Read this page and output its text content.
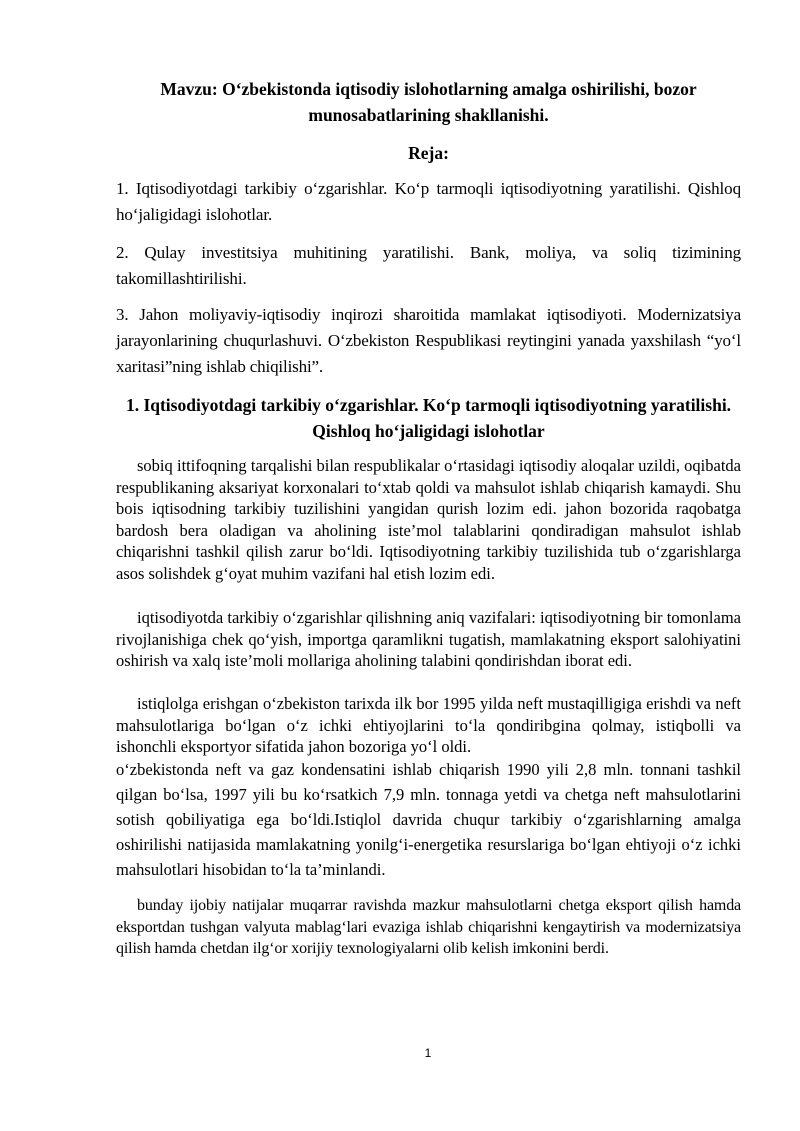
Mavzu: O‘zbekistonda iqtisodiy islohotlarning amalga oshirilishi, bozor munosabatlarining shakllanishi.
Reja:
1. Iqtisodiyotdagi tarkibiy o‘zgarishlar. Ko‘p tarmoqli iqtisodiyotning yaratilishi. Qishloq ho‘jaligidagi islohotlar.
2. Qulay investitsiya muhitining yaratilishi. Bank, moliya, va soliq tizimining takomillashtirilishi.
3. Jahon moliyaviy-iqtisodiy inqirozi sharoitida mamlakat iqtisodiyoti. Modernizatsiya jarayonlarining chuqurlashuvi. O‘zbekiston Respublikasi reytingini yanada yaxshilash “yo‘l xaritasi”ning ishlab chiqilishi”.
1. Iqtisodiyotdagi tarkibiy o‘zgarishlar. Ko‘p tarmoqli iqtisodiyotning yaratilishi. Qishloq ho‘jaligidagi islohotlar
sobiq ittifoqning tarqalishi bilan respublikalar o‘rtasidagi iqtisodiy aloqalar uzildi, oqibatda respublikaning aksariyat korxonalari to‘xtab qoldi va mahsulot ishlab chiqarish kamaydi. Shu bois iqtisodning tarkibiy tuzilishini yangidan qurish lozim edi. jahon bozorida raqobatga bardosh bera oladigan va aholining iste’mol talablarini qondiradigan mahsulot ishlab chiqarishni tashkil qilish zarur bo‘ldi. Iqtisodiyotning tarkibiy tuzilishida tub o‘zgarishlarga asos solishdek g‘oyat muhim vazifani hal etish lozim edi.
iqtisodiyotda tarkibiy o‘zgarishlar qilishning aniq vazifalari: iqtisodiyotning bir tomonlama rivojlanishiga chek qo‘yish, importga qaramlikni tugatish, mamlakatning eksport salohiyatini oshirish va xalq iste’moli mollariga aholining talabini qondirishdan iborat edi.
istiqlolga erishgan o‘zbekiston tarixda ilk bor 1995 yilda neft mustaqilligiga erishdi va neft mahsulotlariga bo‘lgan o‘z ichki ehtiyojlarini to‘la qondiribgina qolmay, istiqbolli va ishonchli eksportyor sifatida jahon bozoriga yo‘l oldi.
o‘zbekistonda neft va gaz kondensatini ishlab chiqarish 1990 yili 2,8 mln. tonnani tashkil qilgan bo‘lsa, 1997 yili bu ko‘rsatkich 7,9 mln. tonnaga yetdi va chetga neft mahsulotlarini sotish qobiliyatiga ega bo‘ldi.Istiqlol davrida chuqur tarkibiy o‘zgarishlarning amalga oshirilishi natijasida mamlakatning yonilg‘i-energetika resurslariga bo‘lgan ehtiyoji o‘z ichki mahsulotlari hisobidan to‘la ta’minlandi.
bunday ijobiy natijalar muqarrar ravishda mazkur mahsulotlarni chetga eksport qilish hamda eksportdan tushgan valyuta mablag‘lari evaziga ishlab chiqarishni kengaytirish va modernizatsiya qilish hamda chetdan ilg‘or xorijiy texnologiyalarni olib kelish imkonini berdi.
1
